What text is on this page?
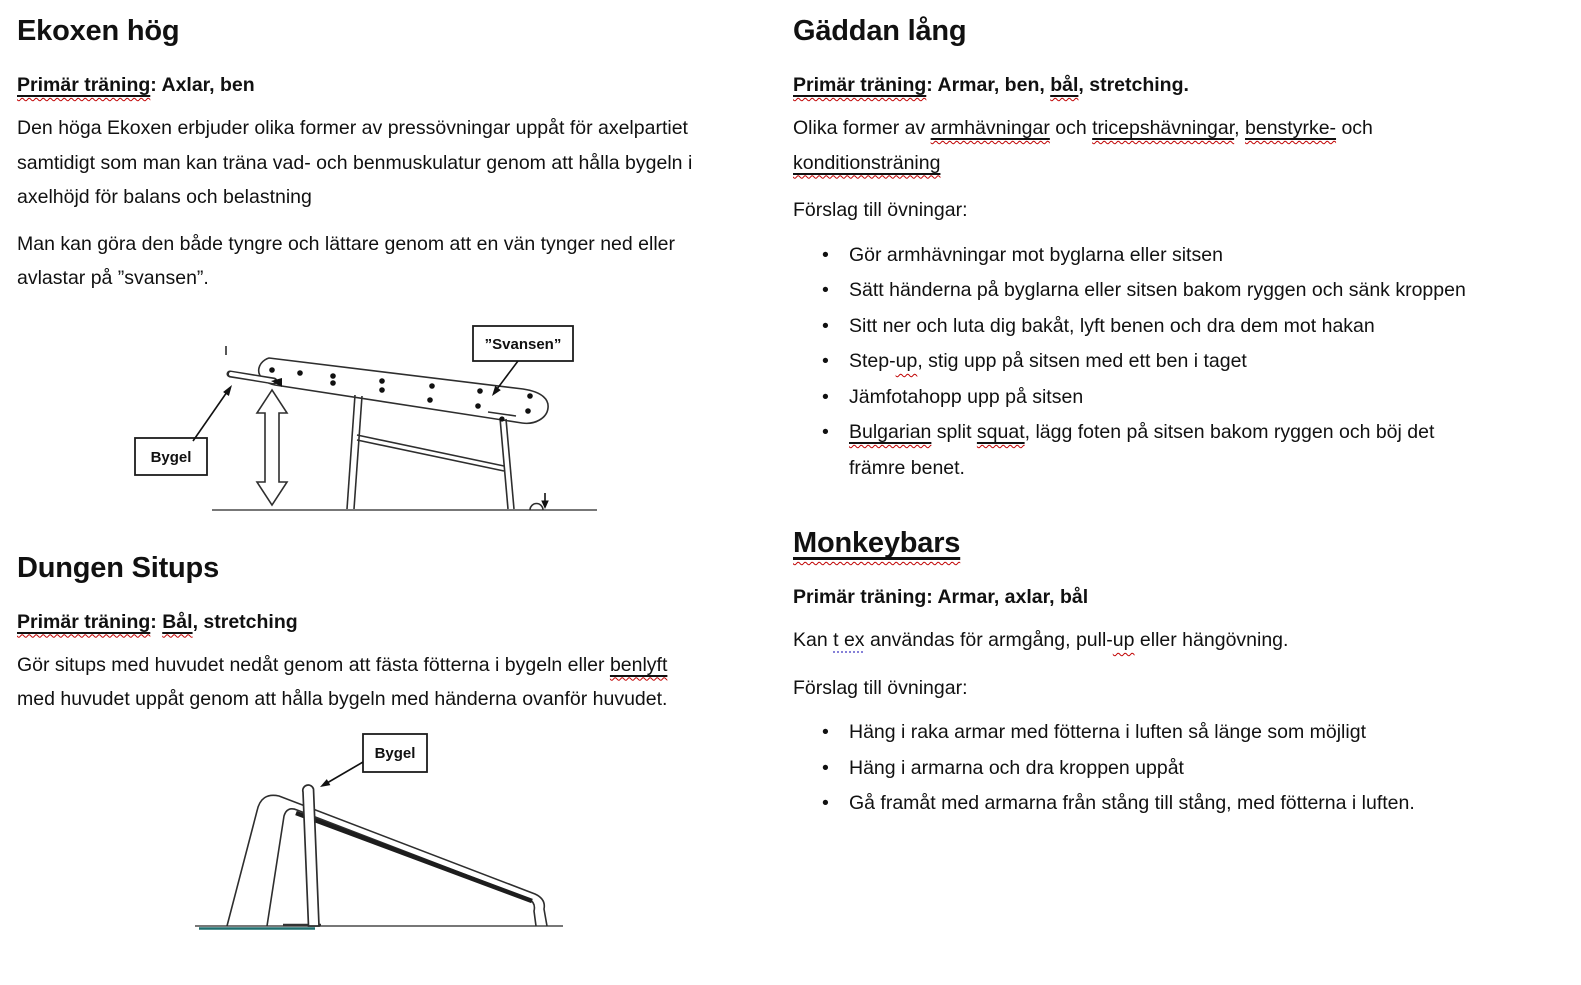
Ekoxen hög

Primär träning: Axlar, ben

Den höga Ekoxen erbjuder olika former av pressövningar uppåt för axelpartiet samtidigt som man kan träna vad- och benmuskulatur genom att hålla bygeln i axelhöjd för balans och belastning

Man kan göra den både tyngre och lättare genom att en vän tynger ned eller avlastar på ”svansen”.

”Svansen”
Bygel
Dungen Situps

Primär träning: Bål, stretching

Gör situps med huvudet nedåt genom att fästa fötterna i bygeln eller benlyft med huvudet uppåt genom att hålla bygeln med händerna ovanför huvudet.

Bygel
Gäddan lång

Primär träning: Armar, ben, bål, stretching.

Olika former av armhävningar och tricepshävningar, benstyrke- och konditionsträning

Förslag till övningar:

• Gör armhävningar mot byglarna eller sitsen
• Sätt händerna på byglarna eller sitsen bakom ryggen och sänk kroppen
• Sitt ner och luta dig bakåt, lyft benen och dra dem mot hakan
• Step-up, stig upp på sitsen med ett ben i taget
• Jämfotahopp upp på sitsen
• Bulgarian split squat, lägg foten på sitsen bakom ryggen och böj det främre benet.
Monkeybars

Primär träning: Armar, axlar, bål

Kan t ex användas för armgång, pull-up eller hängövning.

Förslag till övningar:

• Häng i raka armar med fötterna i luften så länge som möjligt
• Häng i armarna och dra kroppen uppåt
• Gå framåt med armarna från stång till stång, med fötterna i luften.
